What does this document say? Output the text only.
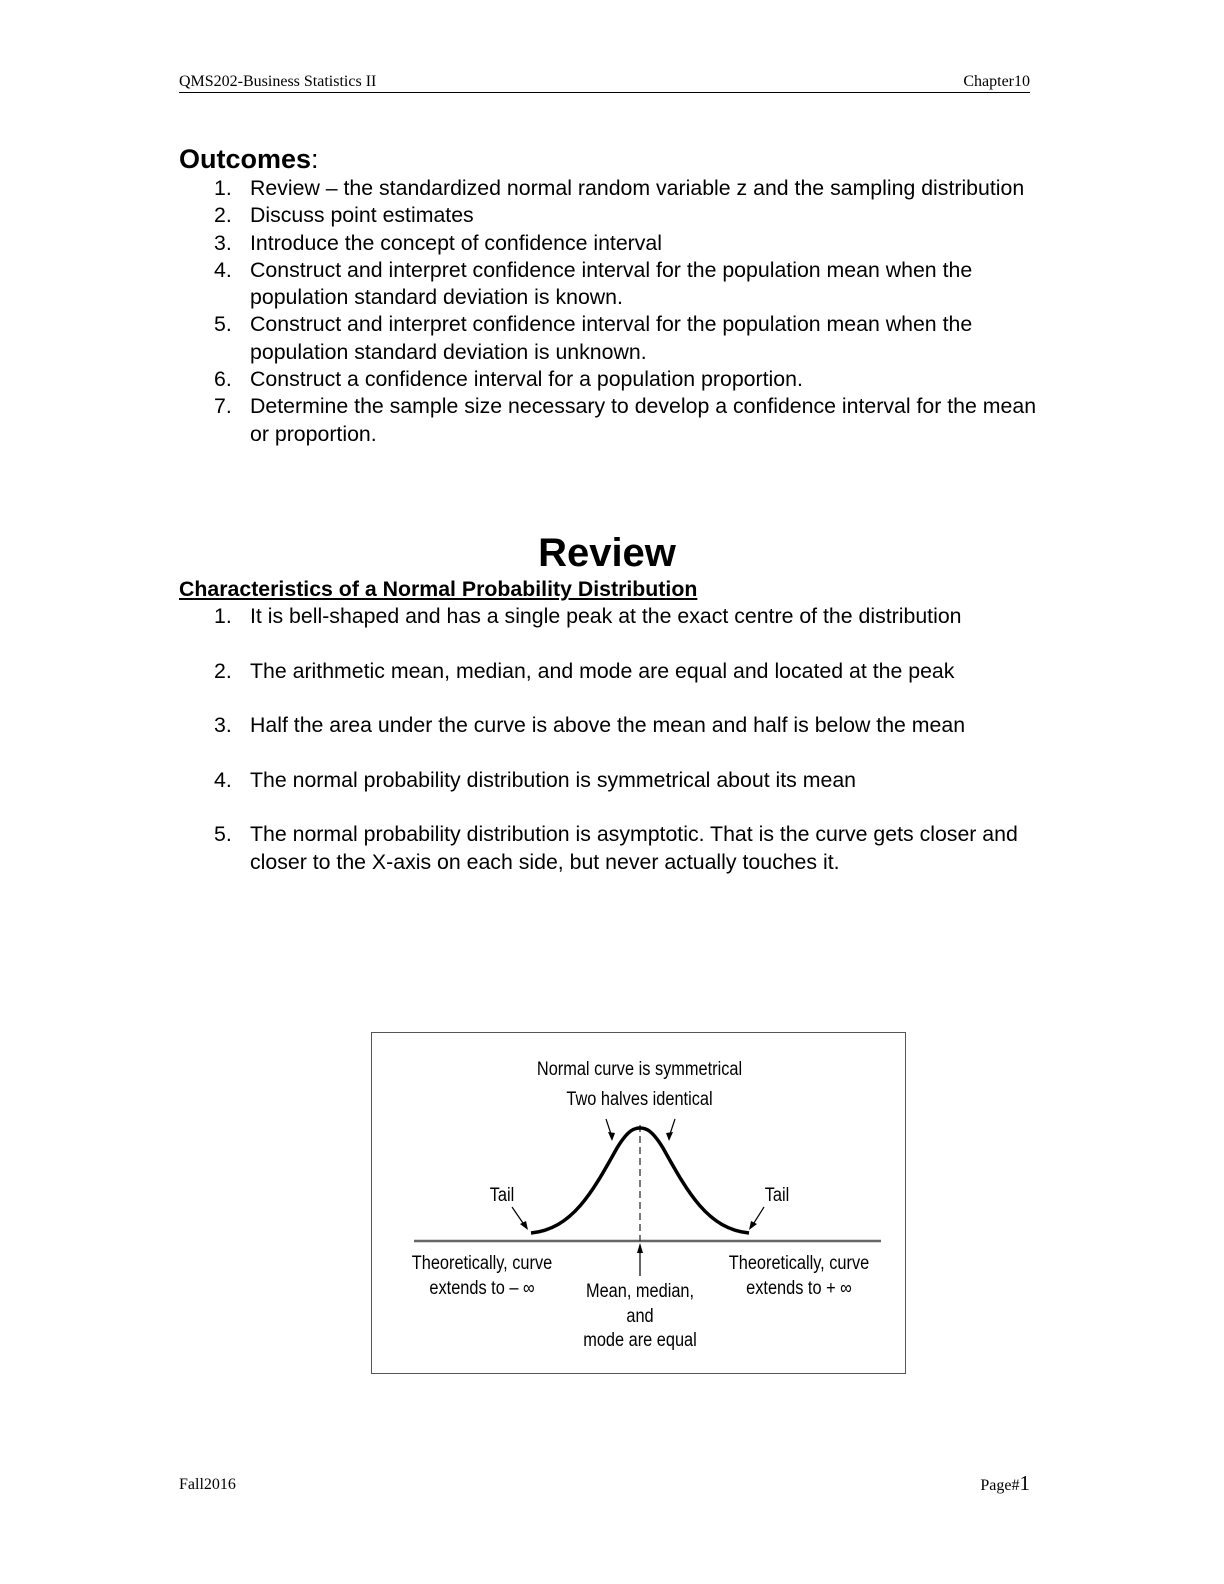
QMS202-Business Statistics II	Chapter10
Outcomes:
1. Review – the standardized normal random variable z and the sampling distribution
2. Discuss point estimates
3. Introduce the concept of confidence interval
4. Construct and interpret confidence interval for the population mean when the population standard deviation is known.
5. Construct and interpret confidence interval for the population mean when the population standard deviation is unknown.
6. Construct a confidence interval for a population proportion.
7. Determine the sample size necessary to develop a confidence interval for the mean or proportion.
Review
Characteristics of a Normal Probability Distribution
1. It is bell-shaped and has a single peak at the exact centre of the distribution
2. The arithmetic mean, median, and mode are equal and located at the peak
3. Half the area under the curve is above the mean and half is below the mean
4. The normal probability distribution is symmetrical about its mean
5. The normal probability distribution is asymptotic. That is the curve gets closer and closer to the X-axis on each side, but never actually touches it.
Normal curve is symmetrical
Two halves identical
Tail	Tail
Theoretically, curve
extends to – ∞
Theoretically, curve
extends to + ∞
Mean, median,
and
mode are equal
Fall2016	Page#1
